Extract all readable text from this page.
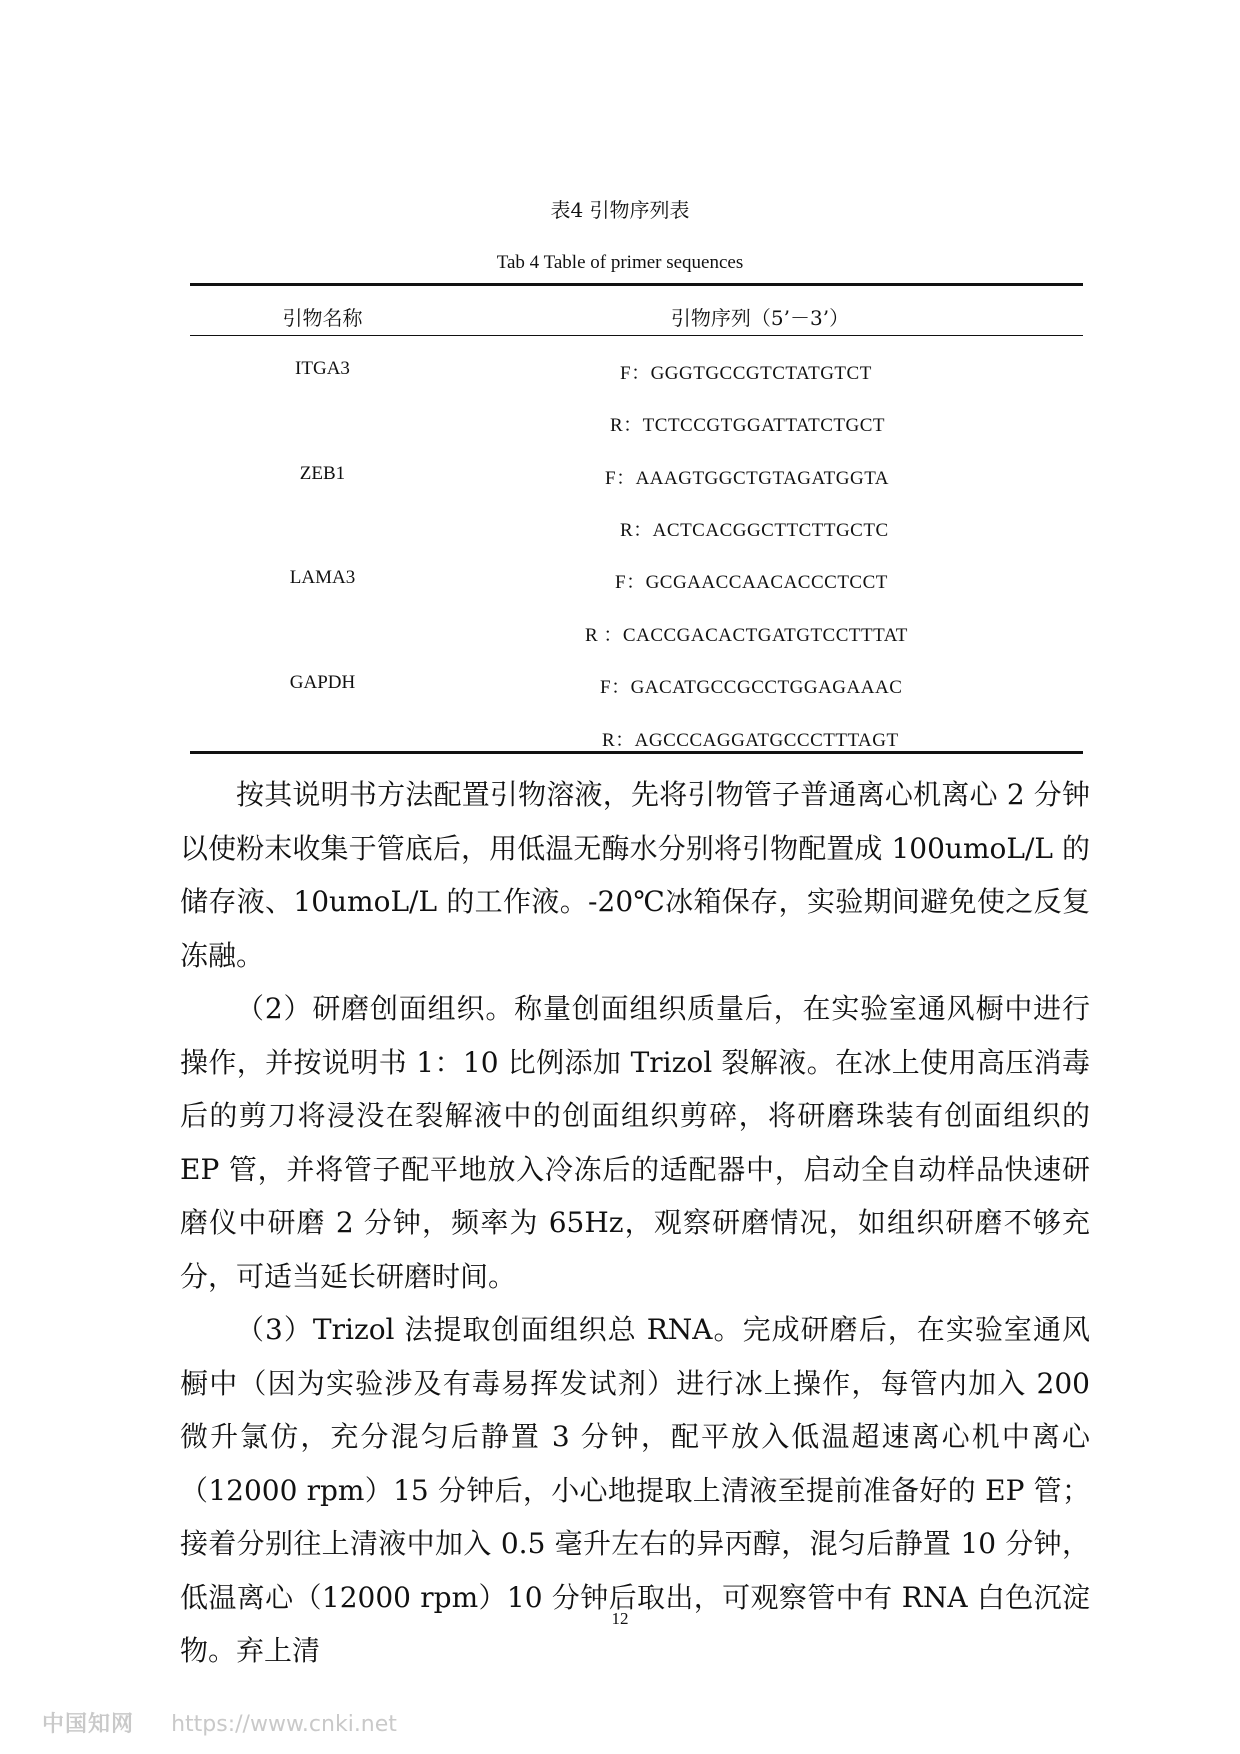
表4 引物序列表
Tab 4 Table of primer sequences
引物名称	引物序列（5’－3’）
ITGA3	F：GGGTGCCGTCTATGTCT
R：TCTCCGTGGATTATCTGCT
ZEB1	F：AAAGTGGCTGTAGATGGTA
R：ACTCACGGCTTCTTGCTC
LAMA3	F：GCGAACCAACACCCTCCT
R ：CACCGACACTGATGTCCTTTAT
GAPDH	F：GACATGCCGCCTGGAGAAAC
R：AGCCCAGGATGCCCTTTAGT

按其说明书方法配置引物溶液，先将引物管子普通离心机离心 2 分钟以使粉末收集于管底后，用低温无酶水分别将引物配置成 100umoL/L 的储存液、10umoL/L 的工作液。-20℃冰箱保存，实验期间避免使之反复冻融。

（2）研磨创面组织。称量创面组织质量后，在实验室通风橱中进行操作，并按说明书 1：10 比例添加 Trizol 裂解液。在冰上使用高压消毒后的剪刀将浸没在裂解液中的创面组织剪碎，将研磨珠装有创面组织的 EP 管，并将管子配平地放入冷冻后的适配器中，启动全自动样品快速研磨仪中研磨 2 分钟，频率为 65Hz，观察研磨情况，如组织研磨不够充分，可适当延长研磨时间。

（3）Trizol 法提取创面组织总 RNA。完成研磨后，在实验室通风橱中（因为实验涉及有毒易挥发试剂）进行冰上操作，每管内加入 200 微升氯仿，充分混匀后静置 3 分钟，配平放入低温超速离心机中离心（12000 rpm）15 分钟后，小心地提取上清液至提前准备好的 EP 管；接着分别往上清液中加入 0.5 毫升左右的异丙醇，混匀后静置 10 分钟，低温离心（12000 rpm）10 分钟后取出，可观察管中有 RNA 白色沉淀物。弃上清

12
中国知网 https://www.cnki.net
